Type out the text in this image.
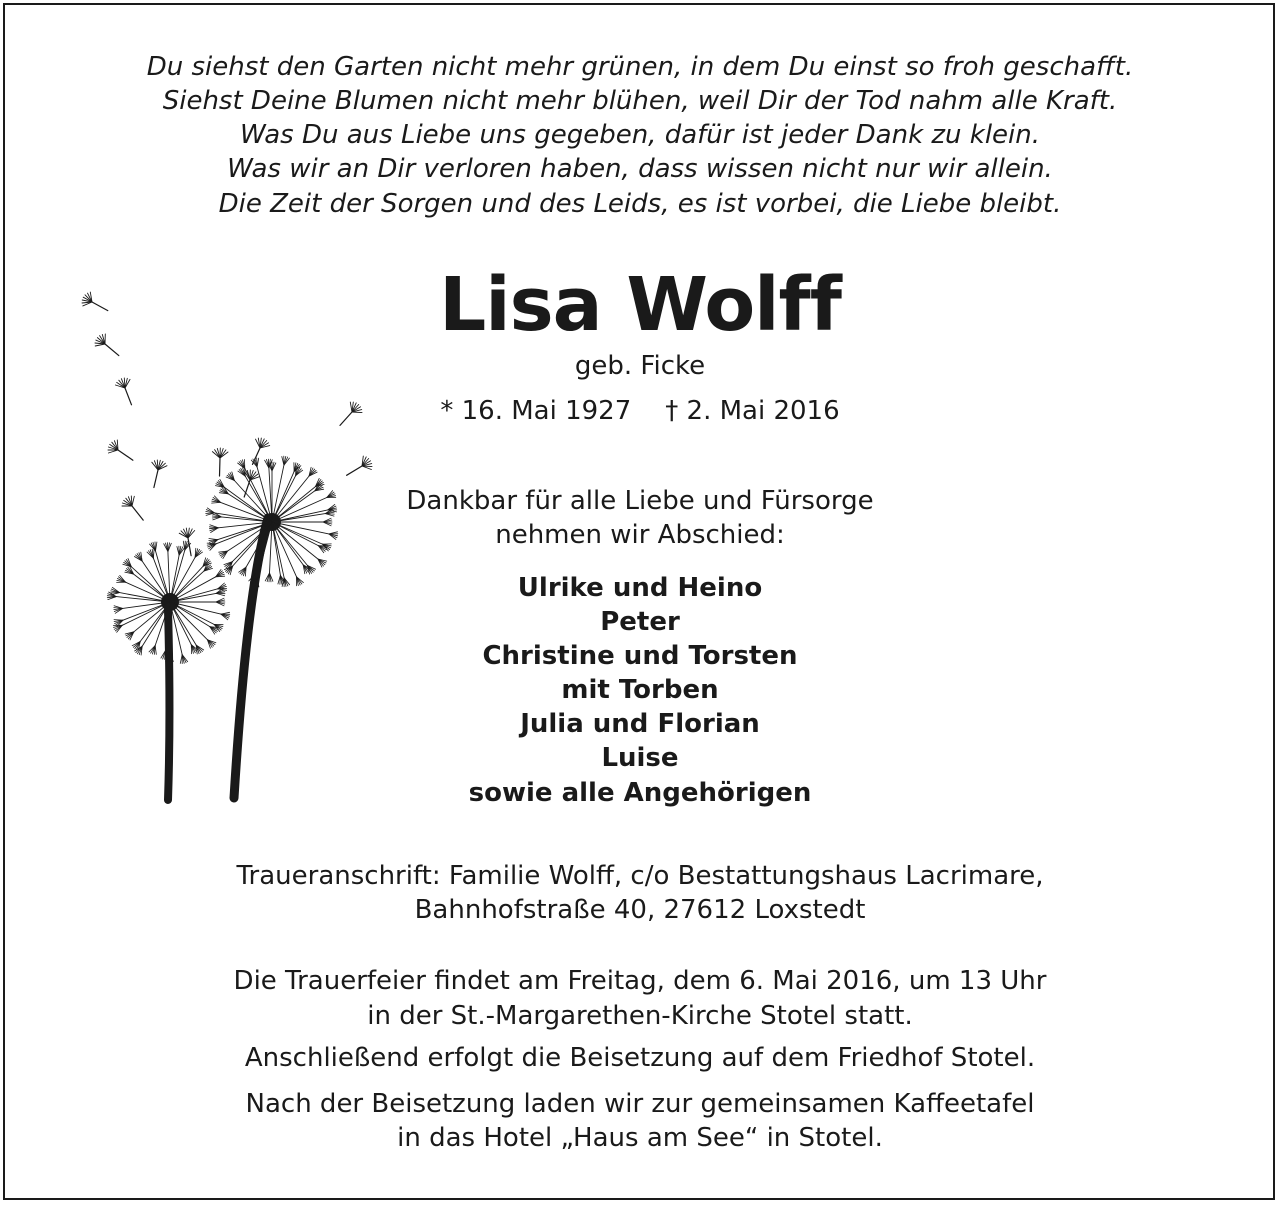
Du siehst den Garten nicht mehr grünen, in dem Du einst so froh geschafft.

Siehst Deine Blumen nicht mehr blühen, weil Dir der Tod nahm alle Kraft.

Was Du aus Liebe uns gegeben, dafür ist jeder Dank zu klein.

Was wir an Dir verloren haben, dass wissen nicht nur wir allein.

Die Zeit der Sorgen und des Leids, es ist vorbei, die Liebe bleibt.

Lisa Wolff

geb. Ficke

* 16. Mai 1927 † 2. Mai 2016

Dankbar für alle Liebe und Fürsorge

nehmen wir Abschied:

Ulrike und Heino

Peter

Christine und Torsten

mit Torben

Julia und Florian

Luise

sowie alle Angehörigen

Traueranschrift: Familie Wolff, c/o Bestattungshaus Lacrimare,

Bahnhofstraße 40, 27612 Loxstedt

Die Trauerfeier findet am Freitag, dem 6. Mai 2016, um 13 Uhr

in der St.-Margarethen-Kirche Stotel statt.

Anschließend erfolgt die Beisetzung auf dem Friedhof Stotel.

Nach der Beisetzung laden wir zur gemeinsamen Kaffeetafel

in das Hotel „Haus am See“ in Stotel.
